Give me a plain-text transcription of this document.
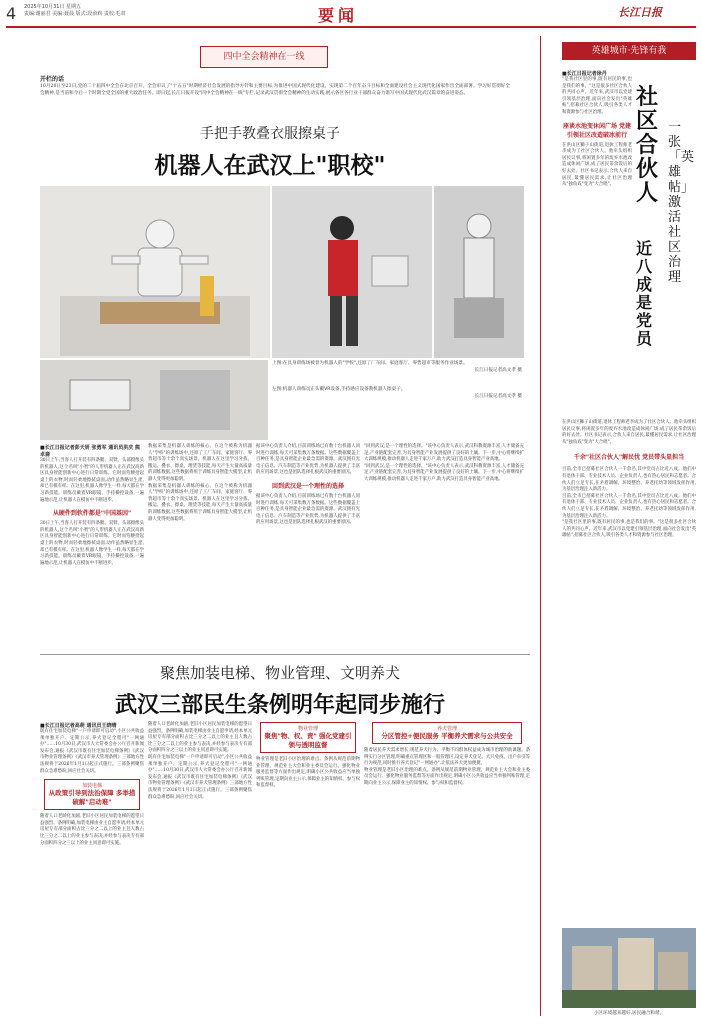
4 2025年10月31日 星期五
责编:谢丽君 美编:聂晨 版式:段俞莉 责校:毛双	要闻	长江日报
四中全会精神在一线
开栏的话
10月20日至23日,党的二十届四中全会在北京召开。全会审议了"十五五"时期经济社会发展的指导方针和主要目标,为推进中国式现代化建设、实现第二个百年奋斗目标和全面建设社会主义现代化国家作出全面部署。学习好贯彻好全会精神,是当前和今后一个时期全党全国的重大政治任务。即日起,长江日报开设"四中全会精神在一线"专栏,记录武汉贯彻全会精神的生动实践,展示各区各行业干部群众奋力谱写中国式现代化武汉篇章的奋进姿态。
手把手教叠衣服擦桌子
机器人在武汉上"职校"
上图:在具身训练场被誉为机器人的"学校",还原了厂车间、家庭客厅、零售超市等服务作业场景。
长江日报记者高文孝 摄
左图:机器人训练员正头戴VR设备,手持感应设备教机器人擦桌子。
长江日报记者高文孝 摄
■长江日报记者彭天妍 张勇军 通讯员洪庆 熊卓裔
30日上午,当客人打开装有四条腿、双臂、头部摄像头的机器人,这个名叫"小智"的人形机器人正在武汉高新区具身智能创新中心进行日常训练。它时而弯腰拾起桌上的衣物,时而轻柔地擦拭桌面,动作虽然略显生涩,却已有模有样。在这里,机器人像学生一样,每天都在学习新技能。训练员戴着VR眼镜、手持操控设备,一遍遍地示范,让机器人在模仿中不断进步。
从硬件到软件都是"中国基因"
30日上午,当客人打开装有四条腿、双臂、头部摄像头的机器人,这个名叫"小智"的人形机器人正在武汉高新区具身智能创新中心进行日常训练。它时而弯腰拾起桌上的衣物,时而轻柔地擦拭桌面,动作虽然略显生涩,却已有模有样。在这里,机器人像学生一样,每天都在学习新技能。训练员戴着VR眼镜、手持操控设备,一遍遍地示范,让机器人在模仿中不断进步。
数据采集是机器人训练的核心。在这个被称为机器人"学校"的训练场中,还原了工厂车间、家庭客厅、零售超市等十余个真实场景。机器人在这里学习分拣、搬运、叠衣、擦桌、理货等技能,每天产生大量高质量的训练数据,这些数据将用于训练具身智能大模型,让机器人变得更加聪明。
数据采集是机器人训练的核心。在这个被称为机器人"学校"的训练场中,还原了工厂车间、家庭客厅、零售超市等十余个真实场景。机器人在这里学习分拣、搬运、叠衣、擦桌、理货等技能,每天产生大量高质量的训练数据,这些数据将用于训练具身智能大模型,让机器人变得更加聪明。
据该中心负责人介绍,目前训练场已有数十台机器人同时进行训练,每天可采集数万条数据。这些数据覆盖上百种任务,是具身智能企业最急需的资源。武汉拥有光电子信息、汽车制造等产业优势,为机器人提供了丰富的应用场景,这也是团队选择扎根武汉的重要原因。
回到武汉是一个理性的选择
据该中心负责人介绍,目前训练场已有数十台机器人同时进行训练,每天可采集数万条数据。这些数据覆盖上百种任务,是具身智能企业最急需的资源。武汉拥有光电子信息、汽车制造等产业优势,为机器人提供了丰富的应用场景,这也是团队选择扎根武汉的重要原因。
"回到武汉,是一个理性的选择。"该中心负责人表示,武汉科教资源丰富,人才储备充足,产业链配套完善,为具身智能产业发展提供了良好的土壤。下一步,中心将继续扩大训练规模,推动机器人走进千家万户,助力武汉打造具身智能产业高地。
"回到武汉,是一个理性的选择。"该中心负责人表示,武汉科教资源丰富,人才储备充足,产业链配套完善,为具身智能产业发展提供了良好的土壤。下一步,中心将继续扩大训练规模,推动机器人走进千家万户,助力武汉打造具身智能产业高地。
聚焦加装电梯、物业管理、文明养犬
武汉三部民生条例明年起同步施行
■长江日报记者高萌 通讯员王晓晴
既有住宅加装电梯"一户申请即可启动",小区公共收益须单独开户、定期公示,养犬登记全程可"一网通办"……10月30日,武汉市人大常委会办公厅召开新闻发布会,通报《武汉市既有住宅加装电梯条例》《武汉市物业管理条例》《武汉市养犬管理条例》三部地方性法规将于2026年1月1日起正式施行。三部条例聚焦群众急难愁盼,回应社会关切。
加装电梯
从政策引导到法治保障 多举措破解"启动难"
随着人口老龄化加剧,老旧小区居民加装电梯的愿望日益强烈。条例明确,加装电梯由业主自愿申请,经本单元房屋专有部分面积占比三分之二以上的业主且人数占比三分之二以上的业主参与表决,并经参与表决专有部分面积四分之三以上的业主同意即可实施。
随着人口老龄化加剧,老旧小区居民加装电梯的愿望日益强烈。条例明确,加装电梯由业主自愿申请,经本单元房屋专有部分面积占比三分之二以上的业主且人数占比三分之二以上的业主参与表决,并经参与表决专有部分面积四分之三以上的业主同意即可实施。
既有住宅加装电梯"一户申请即可启动",小区公共收益须单独开户、定期公示,养犬登记全程可"一网通办"……10月30日,武汉市人大常委会办公厅召开新闻发布会,通报《武汉市既有住宅加装电梯条例》《武汉市物业管理条例》《武汉市养犬管理条例》三部地方性法规将于2026年1月1日起正式施行。三部条例聚焦群众急难愁盼,回应社会关切。
物业管理
聚焦"物、权、责" 强化党建引领与透明监督
物业管理是老旧小区治理的难点。条例从规范前期物业管理、规范业主大会和业主委员会运行、强化物业服务监督等方面作出规定,明确小区公共收益应当单独列账管理,定期向业主公示,保障业主的知情权、参与权和监督权。
养犬管理
分区管控+便民服务 平衡养犬需求与公共安全
随着居民养犬需求增长,规范养犬行为、平衡不同群体权益成为城市治理的新课题。条例实行分区管理,明确重点管理区和一般管理区,设定养犬登记、犬只免疫、出户牵引等行为规范,同时推行养犬登记"一网通办",让依法养犬更加便捷。
物业管理是老旧小区治理的难点。条例从规范前期物业管理、规范业主大会和业主委员会运行、强化物业服务监督等方面作出规定,明确小区公共收益应当单独列账管理,定期向业主公示,保障业主的知情权、参与权和监督权。
英雄城市·先锋有我
■长江日报记者徐丹
"是我社区里的事,既有居民的事,也是我们的事。"这是很多社区合伙人的共同心声。近年来,武汉市以党建引领基层治理,面向社会发出"英雄帖",招募社区合伙人,吸引各类人才和资源参与社区治理。
座谈水池变休闲广场 党建引领社区改造破冰前行
在洪山区狮子山街道,退休工程师老李成为了社区合伙人。他牵头组织居民议事,将闲置多年的废弃水池改造成休闲广场,成了居民茶余饭后的好去处。社区书记表示,合伙人来自居民,最懂居民需求,让社区治理从"独角戏"变为"大合唱"。
社区合伙人
一张「英雄帖」激活社区治理
近八成是党员
在洪山区狮子山街道,退休工程师老李成为了社区合伙人。他牵头组织居民议事,将闲置多年的废弃水池改造成休闲广场,成了居民茶余饭后的好去处。社区书记表示,合伙人来自居民,最懂居民需求,让社区治理从"独角戏"变为"大合唱"。
千余"社区合伙人"解民忧 党员带头显担当
目前,全市已招募社区合伙人一千余名,其中党员占比近八成。他们中有退休干部、专业技术人员、企业负责人,也有热心居民和志愿者。合伙人们立足专长,在矛盾调解、环境整治、养老托幼等领域发挥作用,为基层治理注入新活力。
目前,全市已招募社区合伙人一千余名,其中党员占比近八成。他们中有退休干部、专业技术人员、企业负责人,也有热心居民和志愿者。合伙人们立足专长,在矛盾调解、环境整治、养老托幼等领域发挥作用,为基层治理注入新活力。
"是我社区里的事,既有居民的事,也是我们的事。"这是很多社区合伙人的共同心声。近年来,武汉市以党建引领基层治理,面向社会发出"英雄帖",招募社区合伙人,吸引各类人才和资源参与社区治理。
小区环境越来越好,居民融合和谐。
